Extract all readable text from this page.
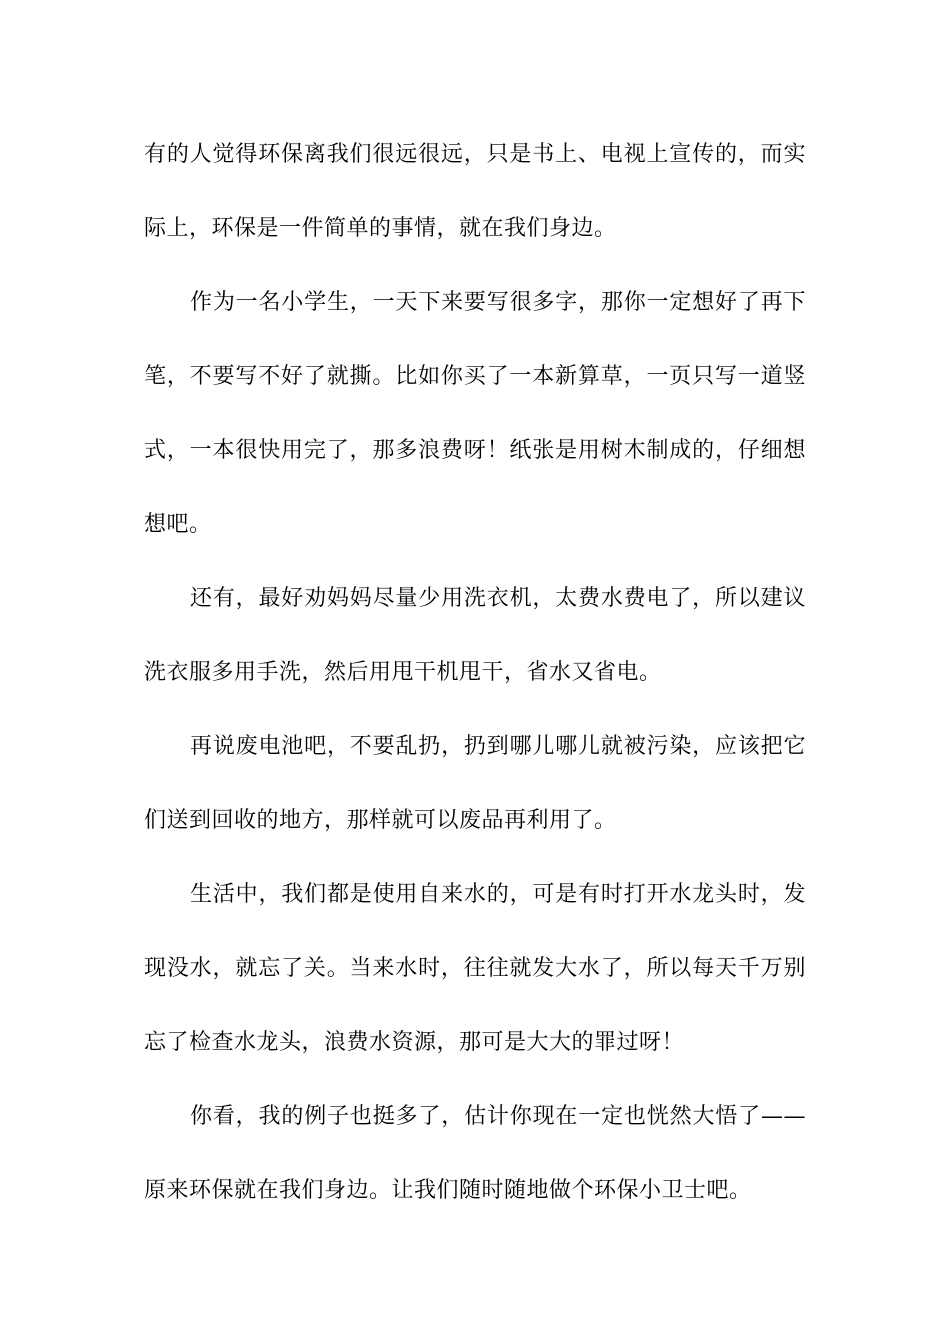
有的人觉得环保离我们很远很远，只是书上、电视上宣传的，而实际上，环保是一件简单的事情，就在我们身边。

作为一名小学生，一天下来要写很多字，那你一定想好了再下笔，不要写不好了就撕。比如你买了一本新算草，一页只写一道竖式，一本很快用完了，那多浪费呀！纸张是用树木制成的，仔细想想吧。

还有，最好劝妈妈尽量少用洗衣机，太费水费电了，所以建议洗衣服多用手洗，然后用甩干机甩干，省水又省电。

再说废电池吧，不要乱扔，扔到哪儿哪儿就被污染，应该把它们送到回收的地方，那样就可以废品再利用了。

生活中，我们都是使用自来水的，可是有时打开水龙头时，发现没水，就忘了关。当来水时，往往就发大水了，所以每天千万别忘了检查水龙头，浪费水资源，那可是大大的罪过呀！

你看，我的例子也挺多了，估计你现在一定也恍然大悟了——原来环保就在我们身边。让我们随时随地做个环保小卫士吧。
